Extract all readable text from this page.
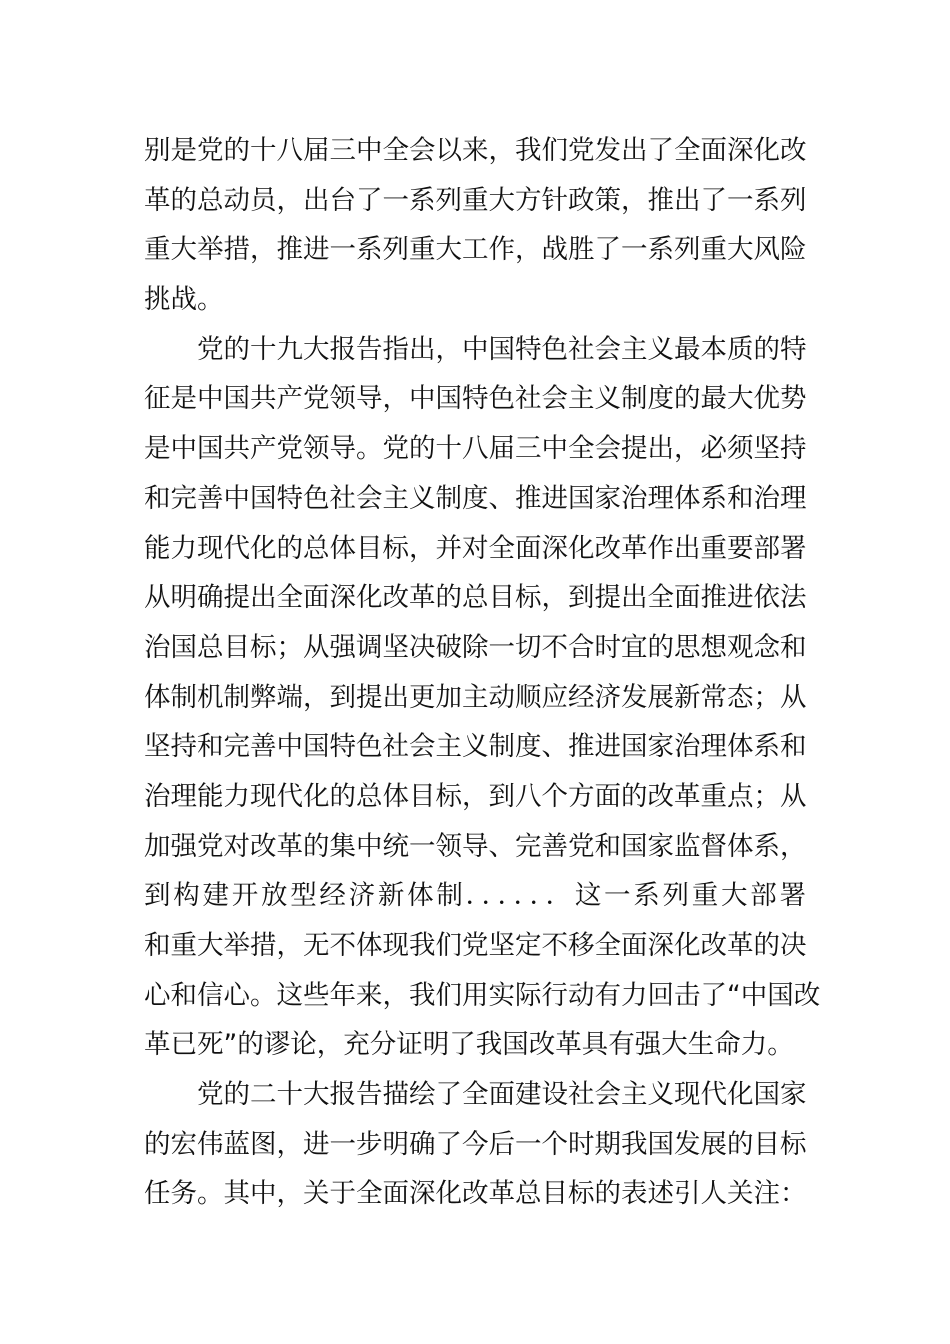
别是党的十八届三中全会以来，我们党发出了全面深化改
革的总动员，出台了一系列重大方针政策，推出了一系列
重大举措，推进一系列重大工作，战胜了一系列重大风险
挑战。
党的十九大报告指出，中国特色社会主义最本质的特
征是中国共产党领导，中国特色社会主义制度的最大优势
是中国共产党领导。党的十八届三中全会提出，必须坚持
和完善中国特色社会主义制度、推进国家治理体系和治理
能力现代化的总体目标，并对全面深化改革作出重要部署
从明确提出全面深化改革的总目标，到提出全面推进依法
治国总目标；从强调坚决破除一切不合时宜的思想观念和
体制机制弊端，到提出更加主动顺应经济发展新常态；从
坚持和完善中国特色社会主义制度、推进国家治理体系和
治理能力现代化的总体目标，到八个方面的改革重点；从
加强党对改革的集中统一领导、完善党和国家监督体系，
到构建开放型经济新体制．．．．．．这一系列重大部署
和重大举措，无不体现我们党坚定不移全面深化改革的决
心和信心。这些年来，我们用实际行动有力回击了“中国改
革已死”的谬论，充分证明了我国改革具有强大生命力。
党的二十大报告描绘了全面建设社会主义现代化国家
的宏伟蓝图，进一步明确了今后一个时期我国发展的目标
任务。其中，关于全面深化改革总目标的表述引人关注：
